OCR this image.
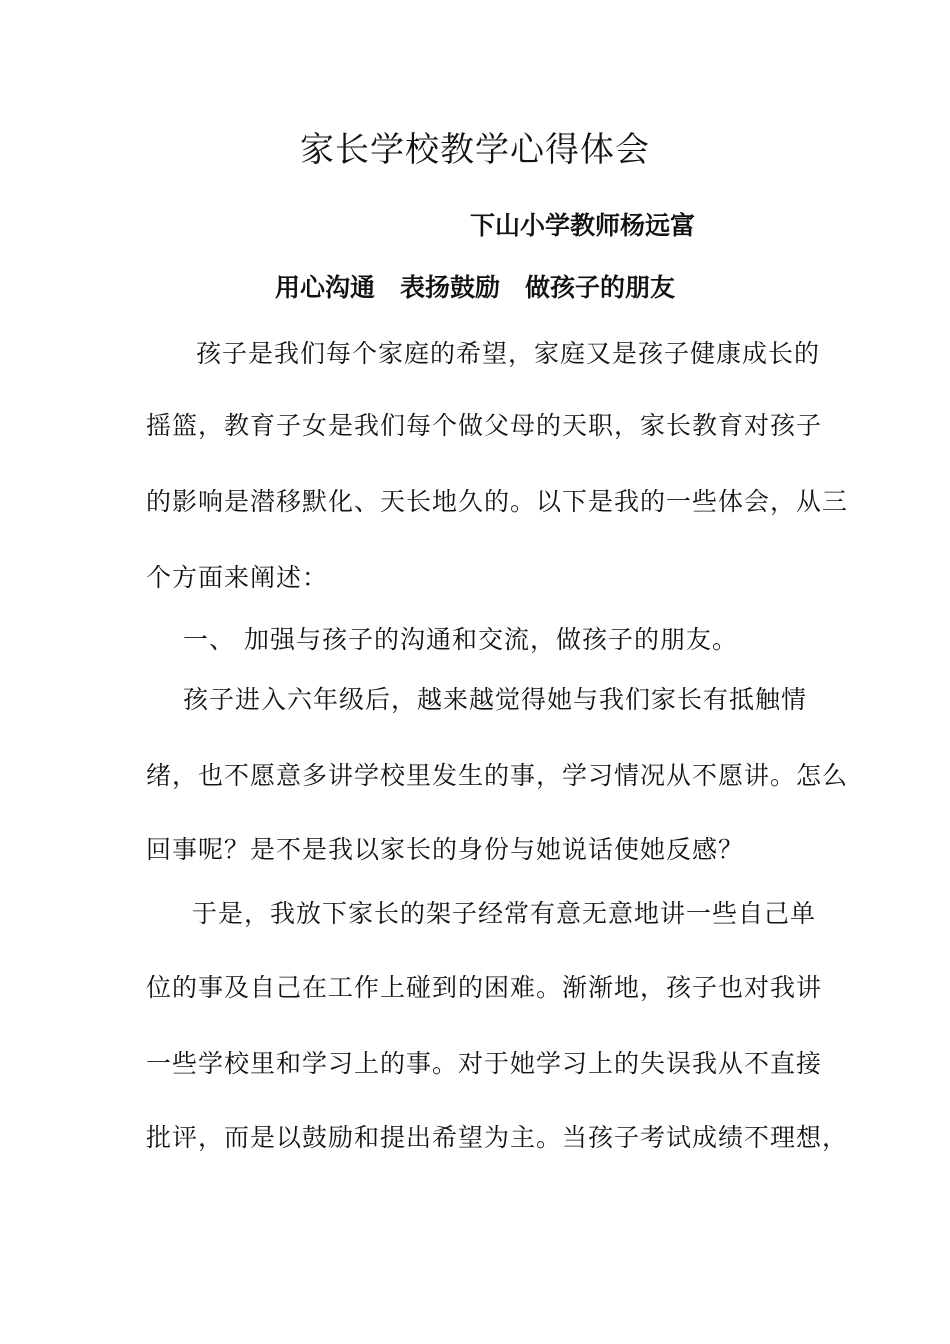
家长学校教学心得体会
下山小学教师杨远富
用心沟通　表扬鼓励　做孩子的朋友
孩子是我们每个家庭的希望，家庭又是孩子健康成长的
摇篮，教育子女是我们每个做父母的天职，家长教育对孩子
的影响是潜移默化、天长地久的。以下是我的一些体会，从三
个方面来阐述：
一、 加强与孩子的沟通和交流，做孩子的朋友。
孩子进入六年级后，越来越觉得她与我们家长有抵触情
绪，也不愿意多讲学校里发生的事，学习情况从不愿讲。怎么
回事呢？是不是我以家长的身份与她说话使她反感？
于是，我放下家长的架子经常有意无意地讲一些自己单
位的事及自己在工作上碰到的困难。渐渐地，孩子也对我讲
一些学校里和学习上的事。对于她学习上的失误我从不直接
批评，而是以鼓励和提出希望为主。当孩子考试成绩不理想，
